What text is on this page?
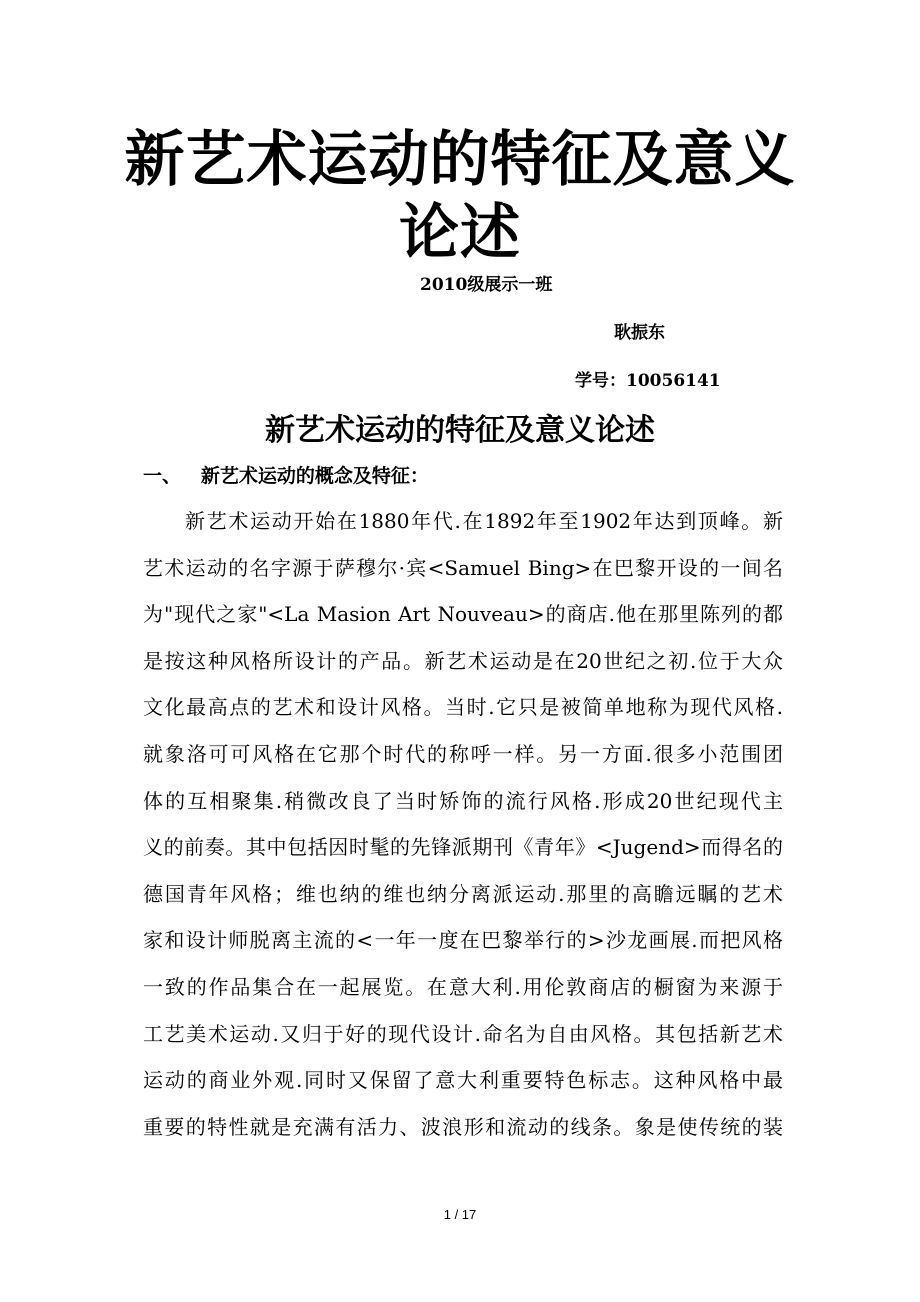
新艺术运动的特征及意义
论述
2010级展示一班
耿振东
学号：10056141
新艺术运动的特征及意义论述
一、 新艺术运动的概念及特征：
新艺术运动开始在1880年代.在1892年至1902年达到顶峰。新
艺术运动的名字源于萨穆尔·宾<Samuel Bing>在巴黎开设的一间名
为"现代之家"<La Masion Art Nouveau>的商店.他在那里陈列的都
是按这种风格所设计的产品。新艺术运动是在20世纪之初.位于大众
文化最高点的艺术和设计风格。当时.它只是被简单地称为现代风格.
就象洛可可风格在它那个时代的称呼一样。另一方面.很多小范围团
体的互相聚集.稍微改良了当时矫饰的流行风格.形成20世纪现代主
义的前奏。其中包括因时髦的先锋派期刊《青年》<Jugend>而得名的
德国青年风格；维也纳的维也纳分离派运动.那里的高瞻远瞩的艺术
家和设计师脱离主流的<一年一度在巴黎举行的>沙龙画展.而把风格
一致的作品集合在一起展览。在意大利.用伦敦商店的橱窗为来源于
工艺美术运动.又归于好的现代设计.命名为自由风格。其包括新艺术
运动的商业外观.同时又保留了意大利重要特色标志。这种风格中最
重要的特性就是充满有活力、波浪形和流动的线条。象是使传统的装
1 / 17
